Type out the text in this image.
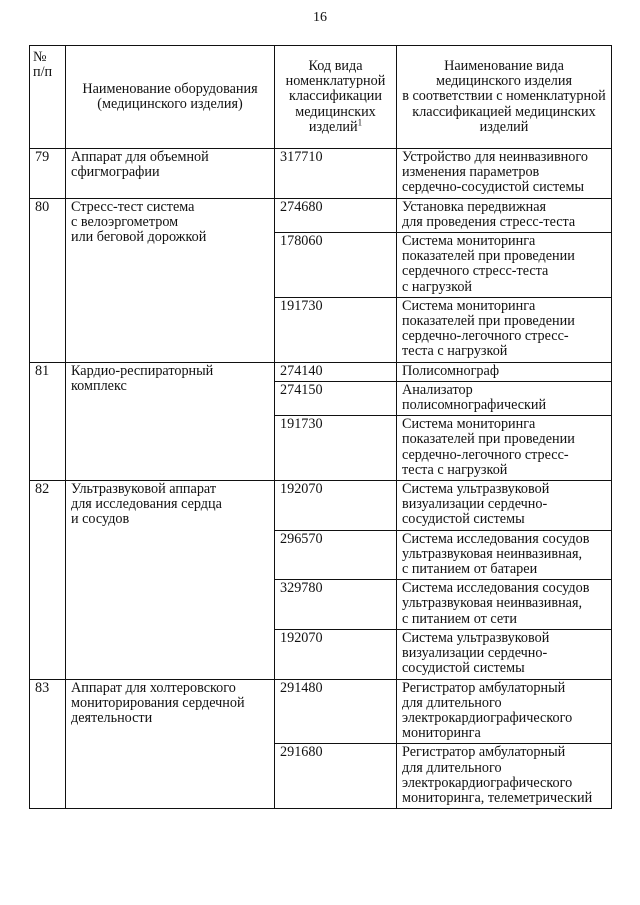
16
№
п/п	Наименование оборудования
(медицинского изделия)	Код вида
номенклатурной
классификации
медицинских
изделий$^1$	Наименование вида
медицинского изделия
в соответствии с номенклатурной
классификацией медицинских
изделий
79	Аппарат для объемной
сфигмографии	317710	Устройство для неинвазивного
изменения параметров
сердечно-сосудистой системы
80	Стресс-тест система
с велоэргометром
или беговой дорожкой	274680	Установка передвижная
для проведения стресс-теста
		178060	Система мониторинга
показателей при проведении
сердечного стресс-теста
с нагрузкой
		191730	Система мониторинга
показателей при проведении
сердечно-легочного стресс-
теста с нагрузкой
81	Кардио-респираторный
комплекс	274140	Полисомнограф
		274150	Анализатор
полисомнографический
		191730	Система мониторинга
показателей при проведении
сердечно-легочного стресс-
теста с нагрузкой
82	Ультразвуковой аппарат
для исследования сердца
и сосудов	192070	Система ультразвуковой
визуализации сердечно-
сосудистой системы
		296570	Система исследования сосудов
ультразвуковая неинвазивная,
с питанием от батареи
		329780	Система исследования сосудов
ультразвуковая неинвазивная,
с питанием от сети
		192070	Система ультразвуковой
визуализации сердечно-
сосудистой системы
83	Аппарат для холтеровского
мониторирования сердечной
деятельности	291480	Регистратор амбулаторный
для длительного
электрокардиографического
мониторинга
		291680	Регистратор амбулаторный
для длительного
электрокардиографического
мониторинга, телеметрический
